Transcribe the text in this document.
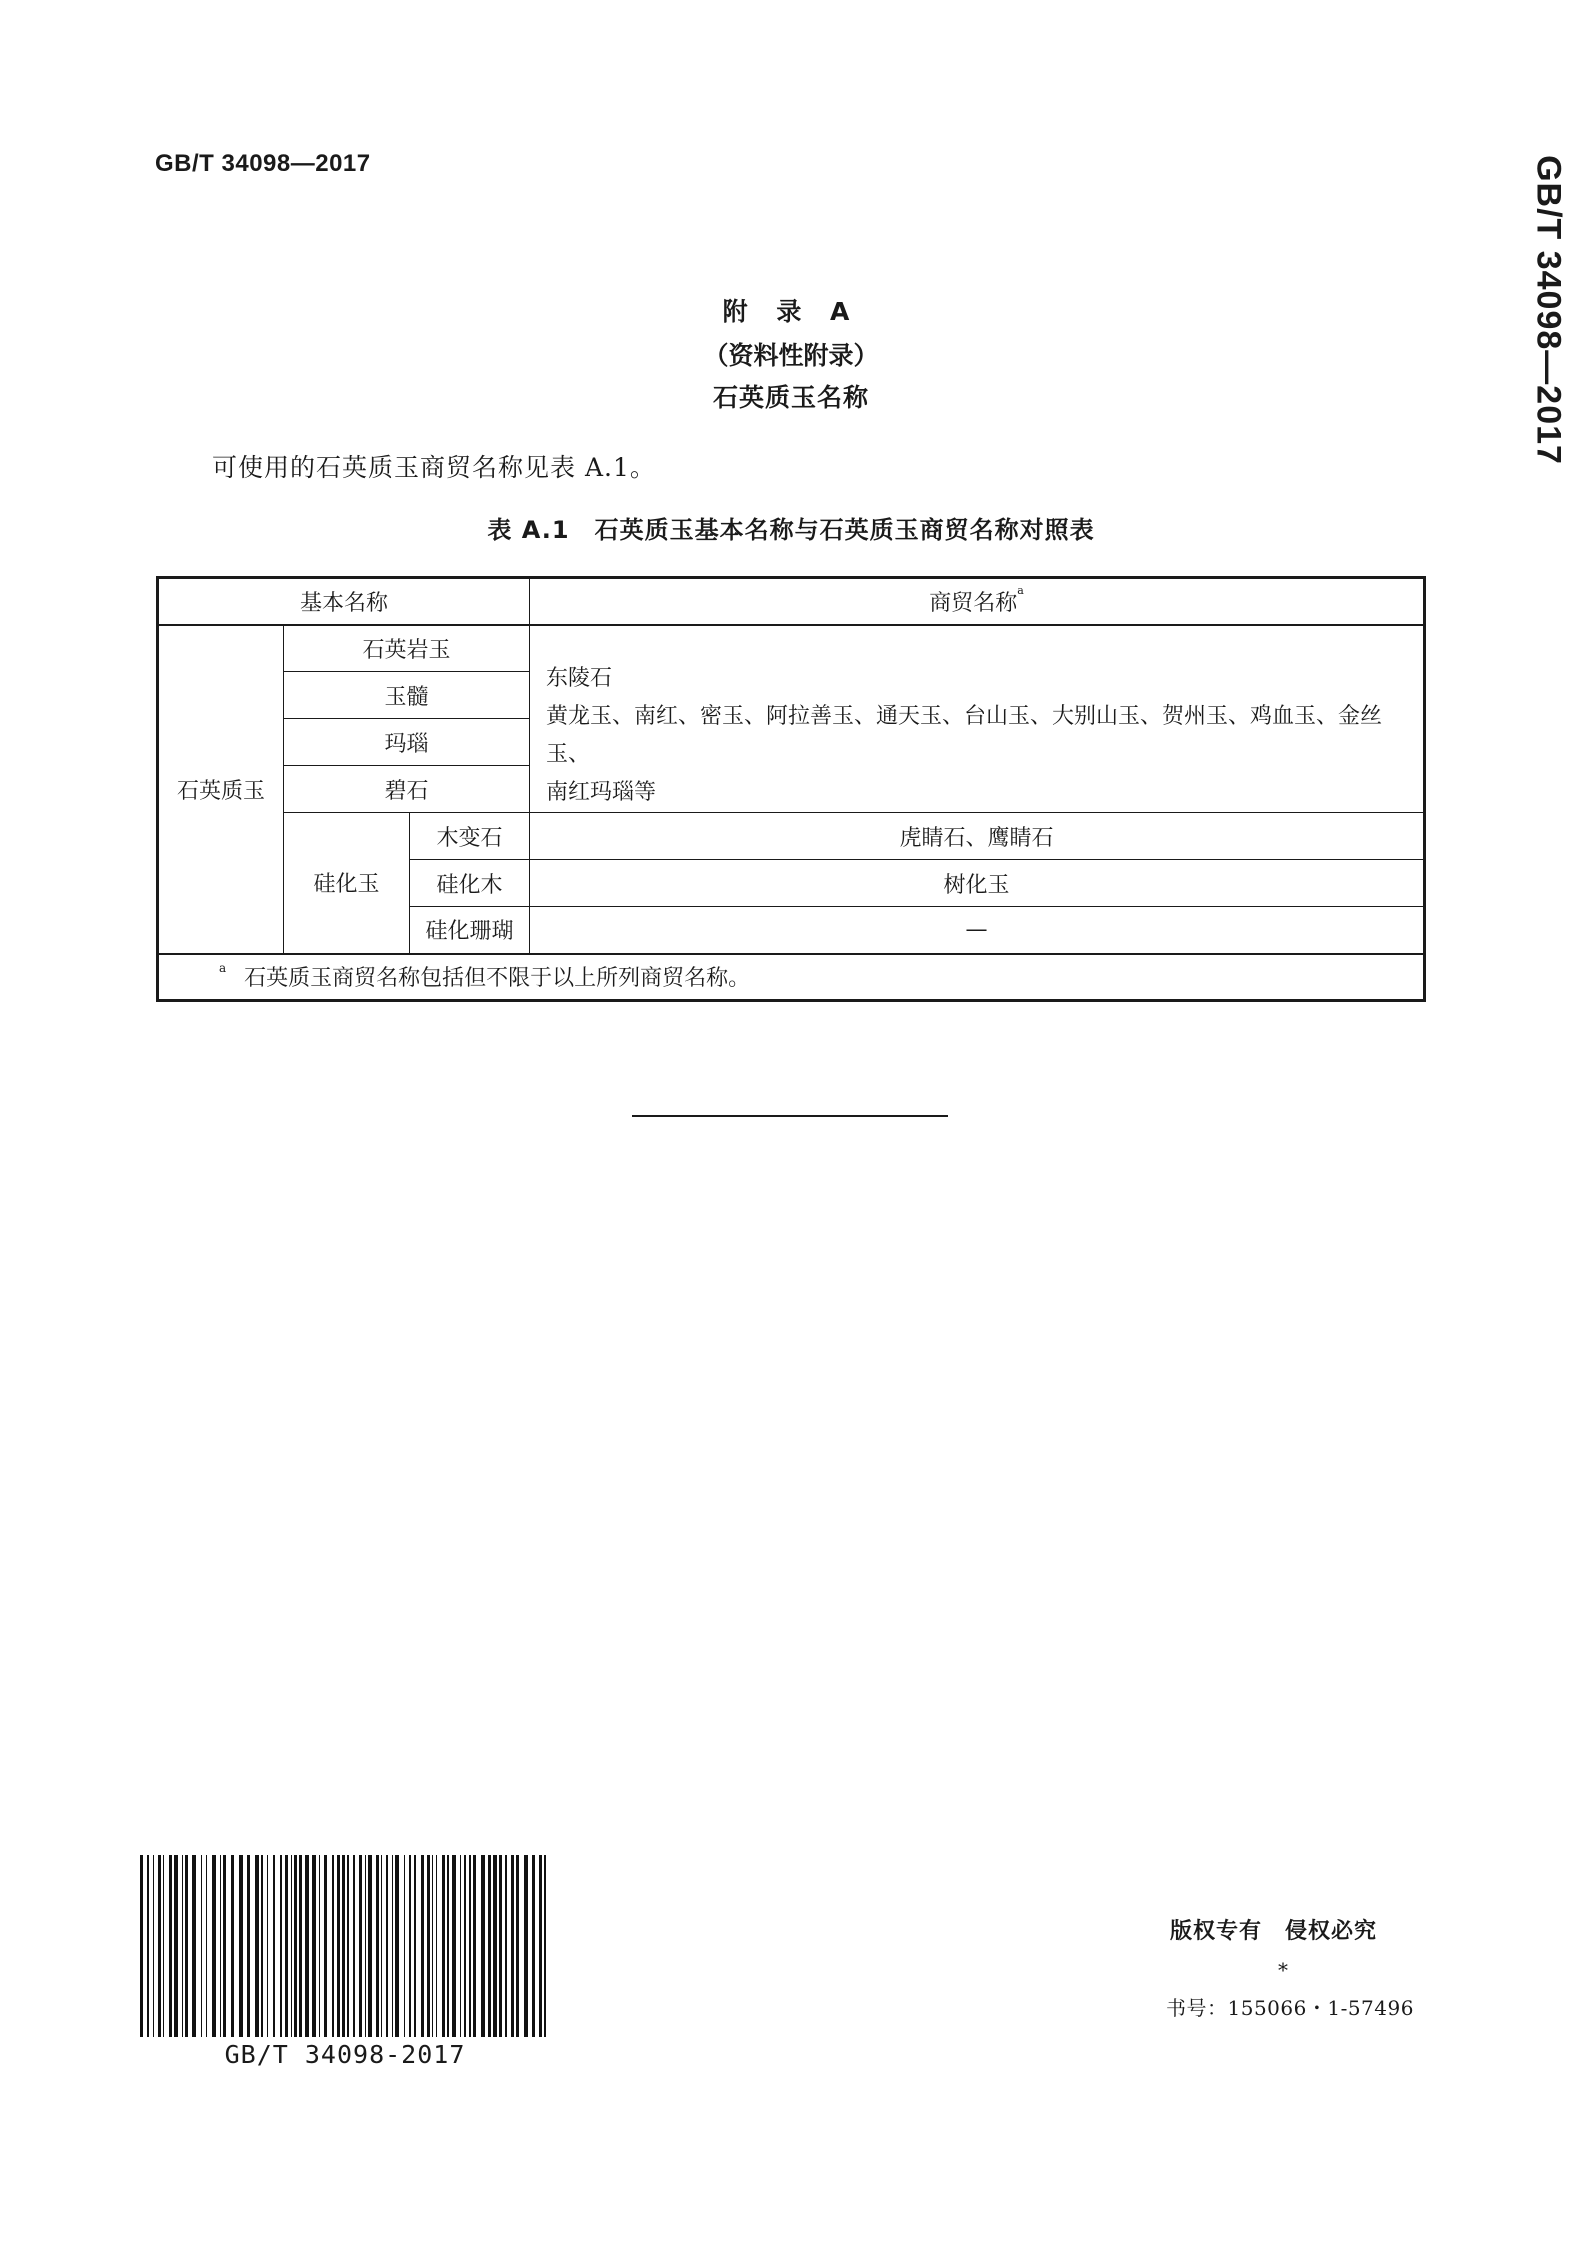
GB/T 34098—2017	GB/T 34098—2017
附 录 A
（资料性附录）
石英质玉名称
可使用的石英质玉商贸名称见表 A.1。
表 A.1　石英质玉基本名称与石英质玉商贸名称对照表
基本名称			商贸名称$^a$
石英质玉	石英岩玉		东陵石
黄龙玉、南红、密玉、阿拉善玉、通天玉、台山玉、大别山玉、贺州玉、鸡血玉、金丝玉、
南红玛瑙等

	玉髓		
	玛瑙		
	碧石		
	硅化玉	木变石	虎睛石、鹰睛石
		硅化木	树化玉
		硅化珊瑚	—
$^a$ 石英质玉商贸名称包括但不限于以上所列商贸名称。			
GB/T 34098-2017
版权专有　侵权必究
*
书号：155066・1-57496
